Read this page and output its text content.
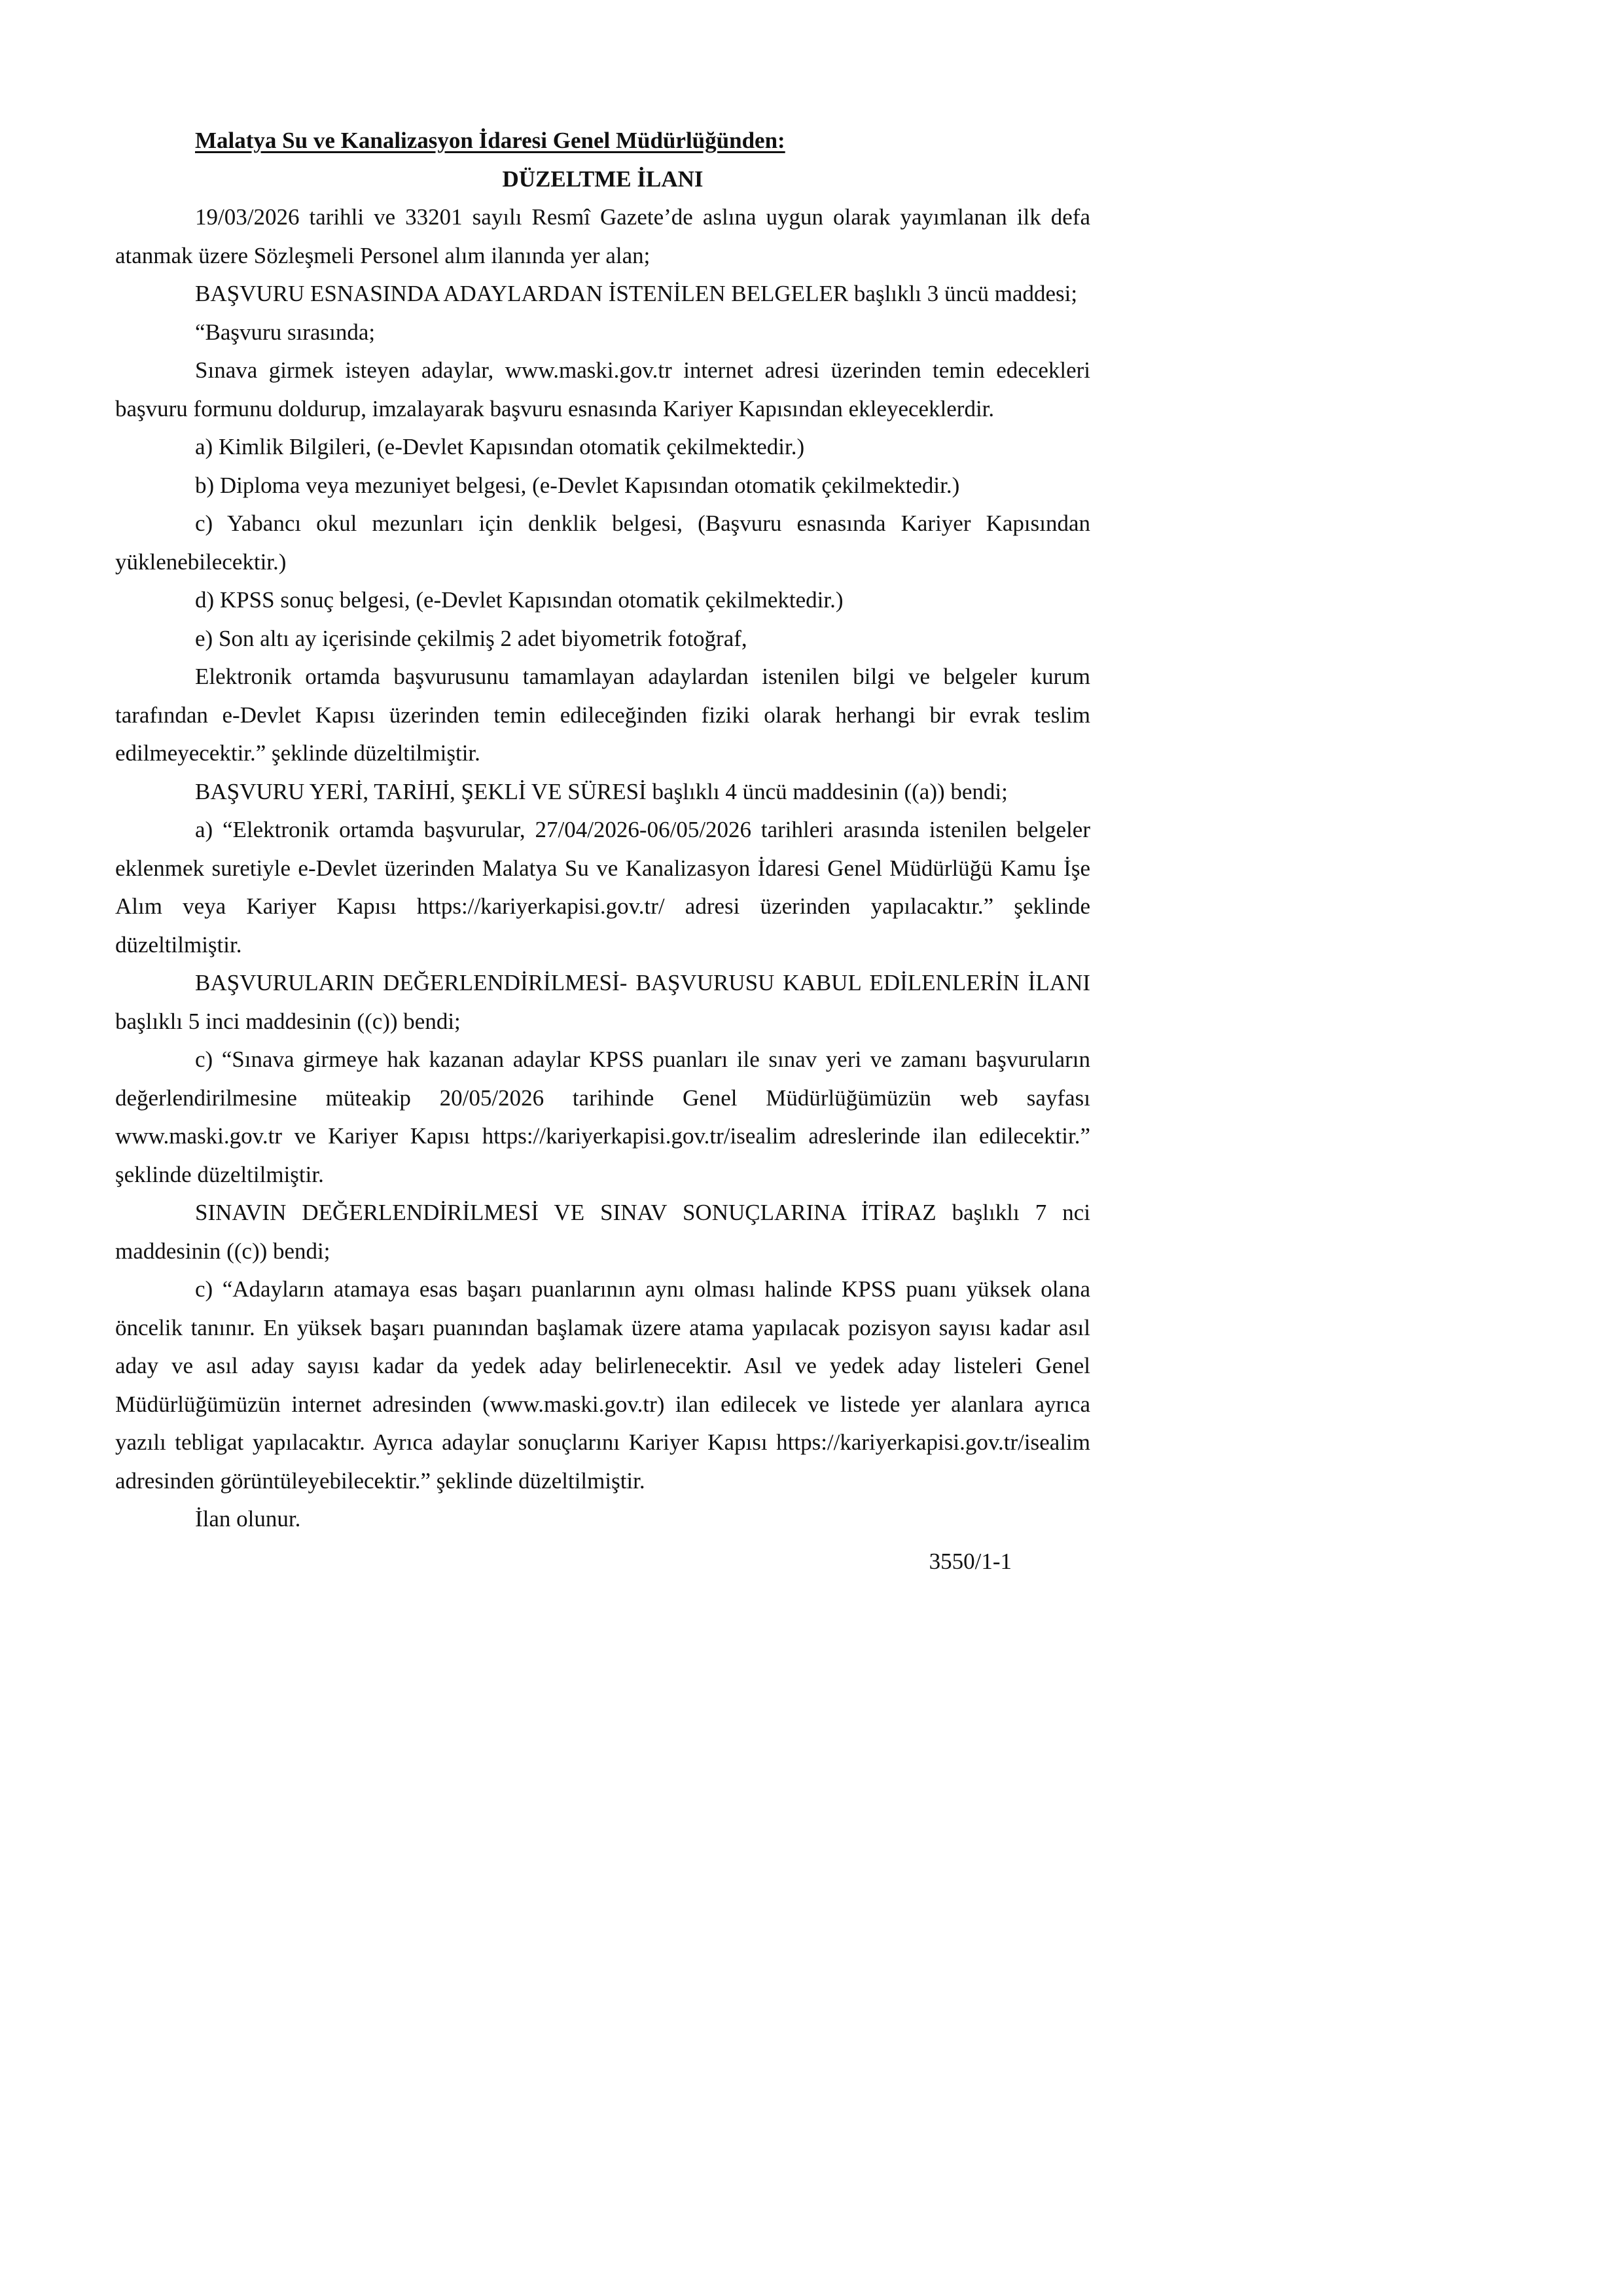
Malatya Su ve Kanalizasyon İdaresi Genel Müdürlüğünden:

DÜZELTME İLANI

19/03/2026 tarihli ve 33201 sayılı Resmî Gazete’de aslına uygun olarak yayımlanan ilk defa atanmak üzere Sözleşmeli Personel alım ilanında yer alan;

BAŞVURU ESNASINDA ADAYLARDAN İSTENİLEN BELGELER başlıklı 3 üncü maddesi;

“Başvuru sırasında;

Sınava girmek isteyen adaylar, www.maski.gov.tr internet adresi üzerinden temin edecekleri başvuru formunu doldurup, imzalayarak başvuru esnasında Kariyer Kapısından ekleyeceklerdir.

a) Kimlik Bilgileri, (e-Devlet Kapısından otomatik çekilmektedir.)

b) Diploma veya mezuniyet belgesi, (e-Devlet Kapısından otomatik çekilmektedir.)

c) Yabancı okul mezunları için denklik belgesi, (Başvuru esnasında Kariyer Kapısından yüklenebilecektir.)

d) KPSS sonuç belgesi, (e-Devlet Kapısından otomatik çekilmektedir.)

e) Son altı ay içerisinde çekilmiş 2 adet biyometrik fotoğraf,

Elektronik ortamda başvurusunu tamamlayan adaylardan istenilen bilgi ve belgeler kurum tarafından e-Devlet Kapısı üzerinden temin edileceğinden fiziki olarak herhangi bir evrak teslim edilmeyecektir.” şeklinde düzeltilmiştir.

BAŞVURU YERİ, TARİHİ, ŞEKLİ VE SÜRESİ başlıklı 4 üncü maddesinin ((a)) bendi;

a) “Elektronik ortamda başvurular, 27/04/2026-06/05/2026 tarihleri arasında istenilen belgeler eklenmek suretiyle e-Devlet üzerinden Malatya Su ve Kanalizasyon İdaresi Genel Müdürlüğü Kamu İşe Alım veya Kariyer Kapısı https://kariyerkapisi.gov.tr/ adresi üzerinden yapılacaktır.” şeklinde düzeltilmiştir.

BAŞVURULARIN DEĞERLENDİRİLMESİ- BAŞVURUSU KABUL EDİLENLERİN İLANI başlıklı 5 inci maddesinin ((c)) bendi;

c) “Sınava girmeye hak kazanan adaylar KPSS puanları ile sınav yeri ve zamanı başvuruların değerlendirilmesine müteakip 20/05/2026 tarihinde Genel Müdürlüğümüzün web sayfası www.maski.gov.tr ve Kariyer Kapısı https://kariyerkapisi.gov.tr/isealim adreslerinde ilan edilecektir.” şeklinde düzeltilmiştir.

SINAVIN DEĞERLENDİRİLMESİ VE SINAV SONUÇLARINA İTİRAZ başlıklı 7 nci maddesinin ((c)) bendi;

c) “Adayların atamaya esas başarı puanlarının aynı olması halinde KPSS puanı yüksek olana öncelik tanınır. En yüksek başarı puanından başlamak üzere atama yapılacak pozisyon sayısı kadar asıl aday ve asıl aday sayısı kadar da yedek aday belirlenecektir. Asıl ve yedek aday listeleri Genel Müdürlüğümüzün internet adresinden (www.maski.gov.tr) ilan edilecek ve listede yer alanlara ayrıca yazılı tebligat yapılacaktır. Ayrıca adaylar sonuçlarını Kariyer Kapısı https://kariyerkapisi.gov.tr/isealim adresinden görüntüleyebilecektir.” şeklinde düzeltilmiştir.

İlan olunur.

3550/1-1
